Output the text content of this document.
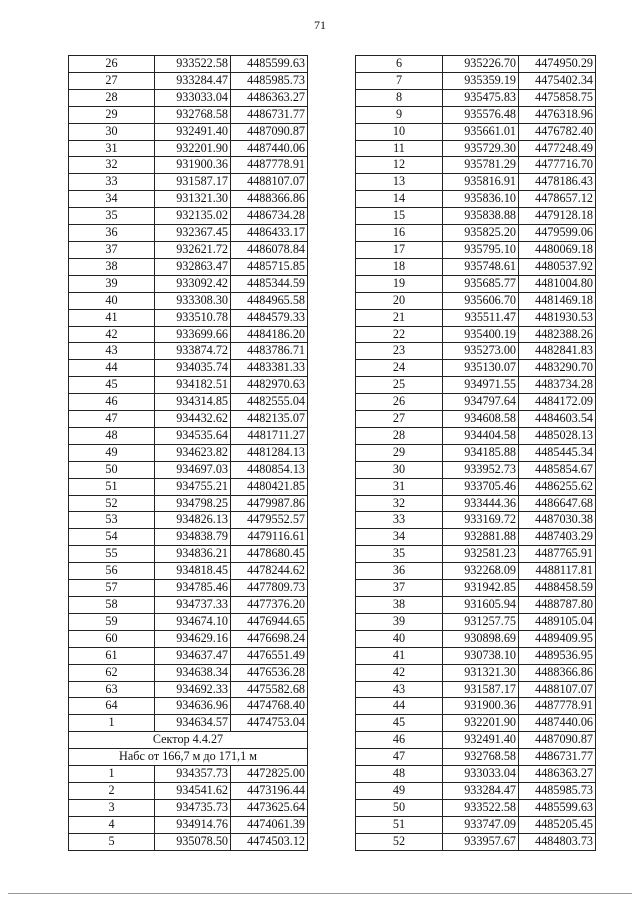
71
26	933522.58	4485599.63
27	933284.47	4485985.73
28	933033.04	4486363.27
29	932768.58	4486731.77
30	932491.40	4487090.87
31	932201.90	4487440.06
32	931900.36	4487778.91
33	931587.17	4488107.07
34	931321.30	4488366.86
35	932135.02	4486734.28
36	932367.45	4486433.17
37	932621.72	4486078.84
38	932863.47	4485715.85
39	933092.42	4485344.59
40	933308.30	4484965.58
41	933510.78	4484579.33
42	933699.66	4484186.20
43	933874.72	4483786.71
44	934035.74	4483381.33
45	934182.51	4482970.63
46	934314.85	4482555.04
47	934432.62	4482135.07
48	934535.64	4481711.27
49	934623.82	4481284.13
50	934697.03	4480854.13
51	934755.21	4480421.85
52	934798.25	4479987.86
53	934826.13	4479552.57
54	934838.79	4479116.61
55	934836.21	4478680.45
56	934818.45	4478244.62
57	934785.46	4477809.73
58	934737.33	4477376.20
59	934674.10	4476944.65
60	934629.16	4476698.24
61	934637.47	4476551.49
62	934638.34	4476536.28
63	934692.33	4475582.68
64	934636.96	4474768.40
1	934634.57	4474753.04
Сектор 4.4.27		
Набс от 166,7 м до 171,1 м		
1	934357.73	4472825.00
2	934541.62	4473196.44
3	934735.73	4473625.64
4	934914.76	4474061.39
5	935078.50	4474503.12
6	935226.70	4474950.29
7	935359.19	4475402.34
8	935475.83	4475858.75
9	935576.48	4476318.96
10	935661.01	4476782.40
11	935729.30	4477248.49
12	935781.29	4477716.70
13	935816.91	4478186.43
14	935836.10	4478657.12
15	935838.88	4479128.18
16	935825.20	4479599.06
17	935795.10	4480069.18
18	935748.61	4480537.92
19	935685.77	4481004.80
20	935606.70	4481469.18
21	935511.47	4481930.53
22	935400.19	4482388.26
23	935273.00	4482841.83
24	935130.07	4483290.70
25	934971.55	4483734.28
26	934797.64	4484172.09
27	934608.58	4484603.54
28	934404.58	4485028.13
29	934185.88	4485445.34
30	933952.73	4485854.67
31	933705.46	4486255.62
32	933444.36	4486647.68
33	933169.72	4487030.38
34	932881.88	4487403.29
35	932581.23	4487765.91
36	932268.09	4488117.81
37	931942.85	4488458.59
38	931605.94	4488787.80
39	931257.75	4489105.04
40	930898.69	4489409.95
41	930738.10	4489536.95
42	931321.30	4488366.86
43	931587.17	4488107.07
44	931900.36	4487778.91
45	932201.90	4487440.06
46	932491.40	4487090.87
47	932768.58	4486731.77
48	933033.04	4486363.27
49	933284.47	4485985.73
50	933522.58	4485599.63
51	933747.09	4485205.45
52	933957.67	4484803.73
